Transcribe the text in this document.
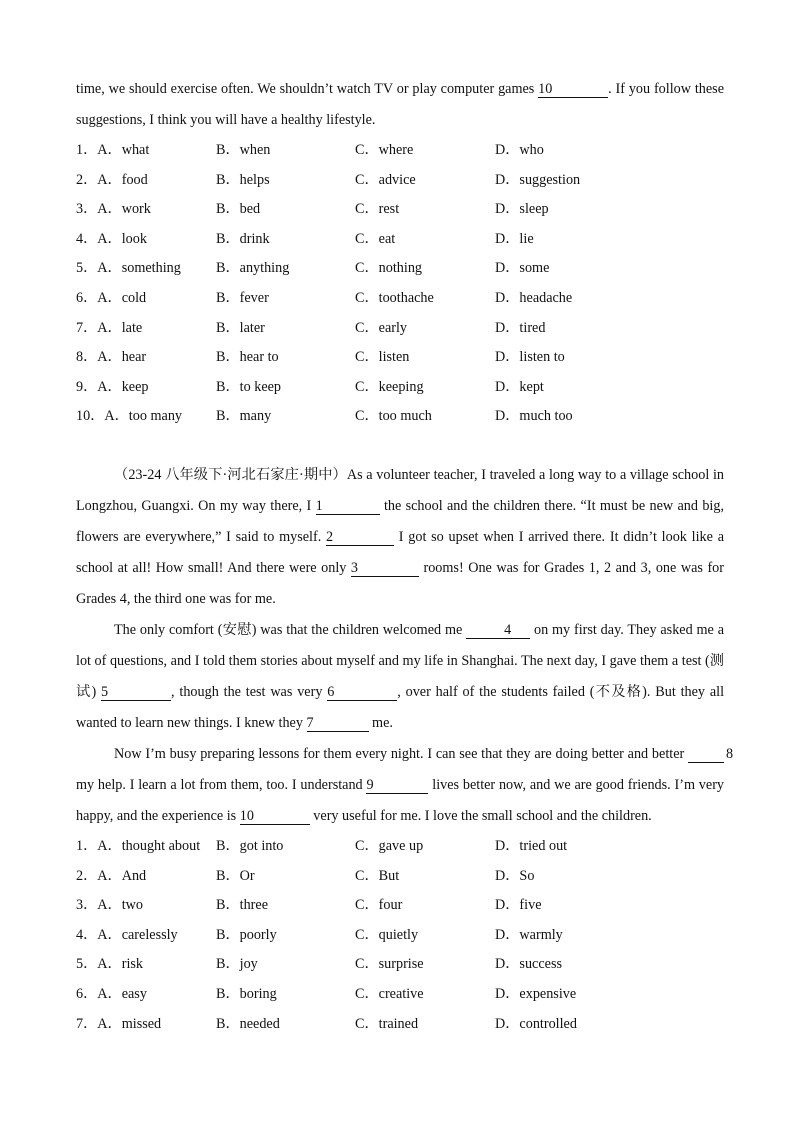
time, we should exercise often. We shouldn’t watch TV or play computer games 10	. If you follow these
suggestions, I think you will have a healthy lifestyle.
1．A．what	B．when	C．where	D．who
2．A．food	B．helps	C．advice	D．suggestion
3．A．work	B．bed	C．rest	D．sleep
4．A．look	B．drink	C．eat	D．lie
5．A．something B．anything	C．nothing	D．some
6．A．cold	B．fever	C．toothache	D．headache
7．A．late	B．later	C．early	D．tired
8．A．hear	B．hear to	C．listen	D．listen to
9．A．keep	B．to keep	C．keeping	D．kept
10．A．too many B．many	C．too much	D．much too
（23-24 八年级下·河北石家庄·期中）As a volunteer teacher, I traveled a long way to a village school in
Longzhou, Guangxi. On my way there, I 1	the school and the children there. “It must be new and big,
flowers are everywhere,” I said to myself. 2	I got so upset when I arrived there. It didn’t look like a
school at all! How small! And there were only 3	rooms! One was for Grades 1, 2 and 3, one was for
Grades 4, the third one was for me.
The only comfort (安慰) was that the children welcomed me	4 on my first day. They asked me a
lot of questions, and I told them stories about myself and my life in Shanghai. The next day, I gave them a test (测
试) 5	, though the test was very 6	, over half of the students failed (不及格). But they all
wanted to learn new things. I knew they 7	me.
Now I’m busy preparing lessons for them every night. I can see that they are doing better and better	8
my help. I learn a lot from them, too. I understand 9	lives better now, and we are good friends. I’m very
happy, and the experience is 10	very useful for me. I love the small school and the children.
1．A．thought about B．got into	C．gave up	D．tried out
2．A．And	B．Or	C．But	D．So
3．A．two	B．three	C．four	D．five
4．A．carelessly	B．poorly	C．quietly	D．warmly
5．A．risk	B．joy	C．surprise	D．success
6．A．easy	B．boring	C．creative	D．expensive
7．A．missed	B．needed	C．trained	D．controlled
